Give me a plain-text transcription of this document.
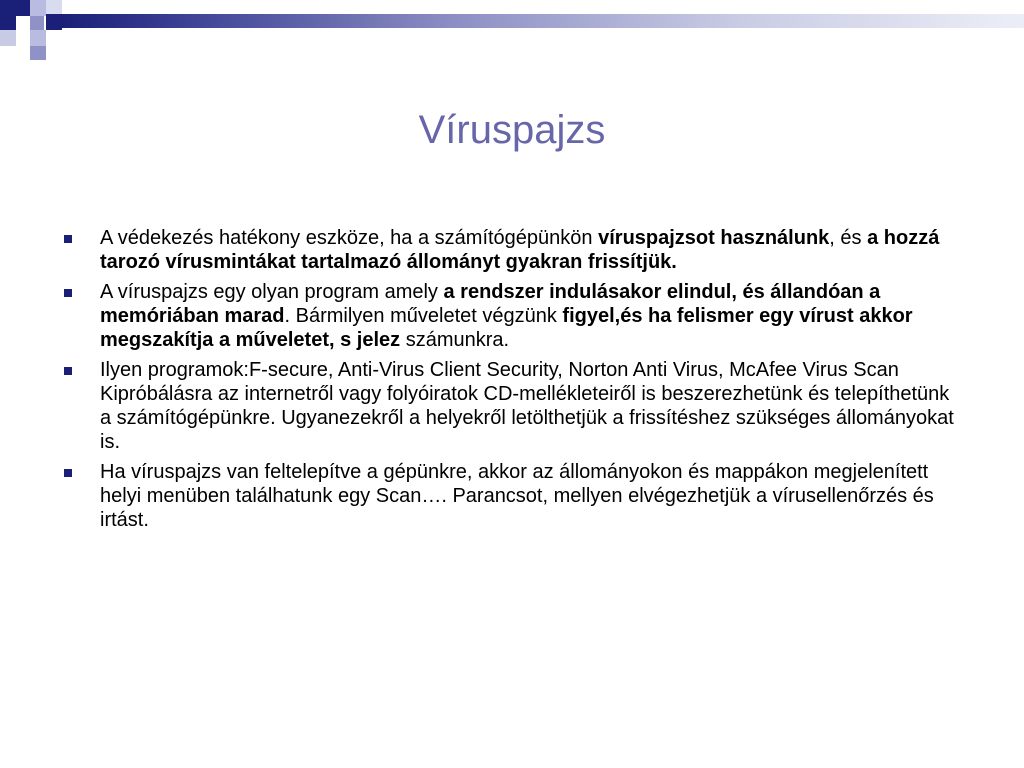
Víruspajzs
A védekezés hatékony eszköze, ha a számítógépünkön víruspajzsot használunk, és a hozzá tarozó vírusmintákat tartalmazó állományt gyakran frissítjük.
A víruspajzs egy olyan program amely a rendszer indulásakor elindul, és állandóan a memóriában marad. Bármilyen műveletet végzünk figyel,és ha felismer egy vírust akkor megszakítja a műveletet, s jelez számunkra.
Ilyen programok:F-secure, Anti-Virus Client Security, Norton Anti Virus, McAfee Virus Scan
Kipróbálásra az internetről vagy folyóiratok CD-mellékleteiről is beszerezhetünk és telepíthetünk a számítógépünkre. Ugyanezekről a helyekről letölthetjük a frissítéshez szükséges állományokat is.
Ha víruspajzs van feltelepítve a gépünkre, akkor az állományokon és mappákon megjelenített helyi menüben találhatunk egy Scan…. Parancsot, mellyen elvégezhetjük a vírusellenőrzés és irtást.
